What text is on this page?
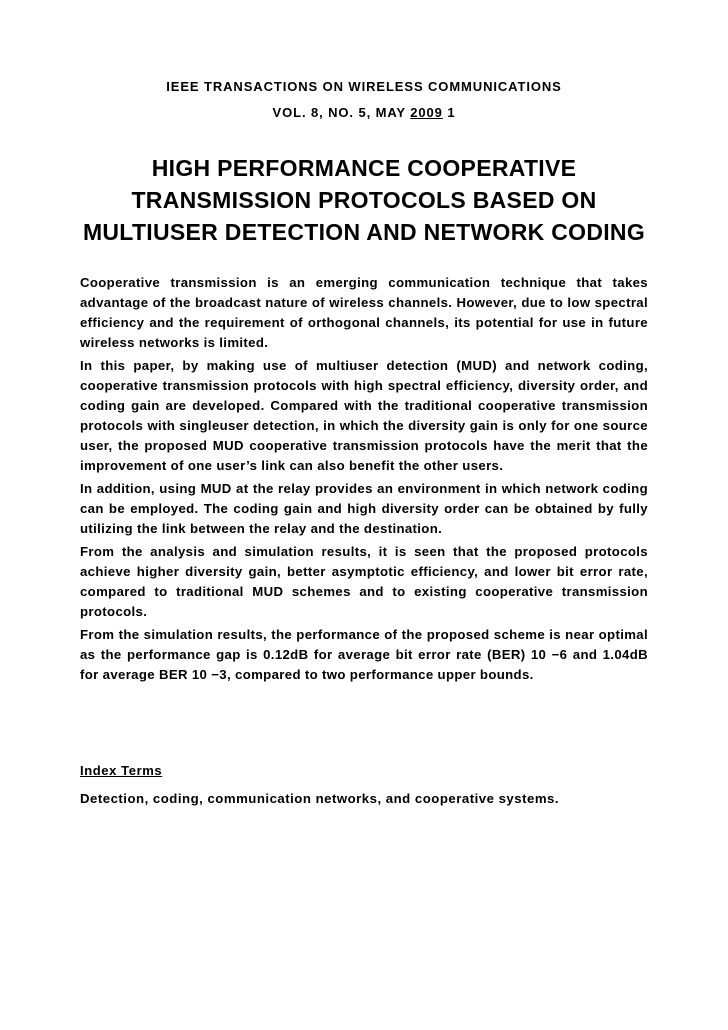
IEEE TRANSACTIONS ON WIRELESS COMMUNICATIONS
VOL. 8, NO. 5, MAY 2009 1
HIGH PERFORMANCE COOPERATIVE
TRANSMISSION PROTOCOLS BASED ON
MULTIUSER DETECTION AND NETWORK CODING

Cooperative transmission is an emerging communication technique that takes advantage of the broadcast nature of wireless channels. However, due to low spectral efficiency and the requirement of orthogonal channels, its potential for use in future wireless networks is limited.

In this paper, by making use of multiuser detection (MUD) and network coding, cooperative transmission protocols with high spectral efficiency, diversity order, and coding gain are developed. Compared with the traditional cooperative transmission protocols with singleuser detection, in which the diversity gain is only for one source user, the proposed MUD cooperative transmission protocols have the merit that the improvement of one user’s link can also benefit the other users.

In addition, using MUD at the relay provides an environment in which network coding can be employed. The coding gain and high diversity order can be obtained by fully utilizing the link between the relay and the destination.

From the analysis and simulation results, it is seen that the proposed protocols achieve higher diversity gain, better asymptotic efficiency, and lower bit error rate, compared to traditional MUD schemes and to existing cooperative transmission protocols.

From the simulation results, the performance of the proposed scheme is near optimal as the performance gap is 0.12dB for average bit error rate (BER) 10 −6 and 1.04dB for average BER 10 −3, compared to two performance upper bounds.

Index Terms
Detection, coding, communication networks, and cooperative systems.
